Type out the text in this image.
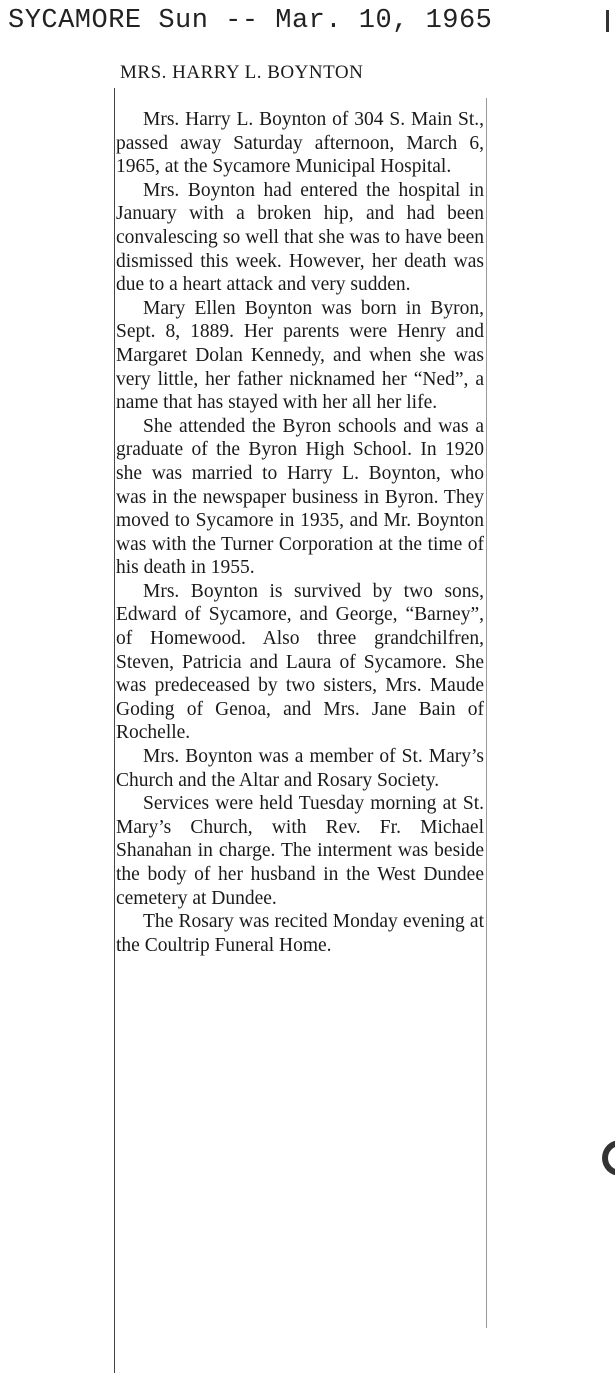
SYCAMORE Sun -- Mar. 10, 1965
MRS. HARRY L. BOYNTON

Mrs. Harry L. Boynton of 304 S. Main St., passed away Saturday afternoon, March 6, 1965, at the Sycamore Municipal Hospital.

Mrs. Boynton had entered the hospital in January with a broken hip, and had been convalescing so well that she was to have been dismissed this week. However, her death was due to a heart attack and very sudden.

Mary Ellen Boynton was born in Byron, Sept. 8, 1889. Her parents were Henry and Margaret Dolan Kennedy, and when she was very little, her father nicknamed her “Ned”, a name that has stayed with her all her life.

She attended the Byron schools and was a graduate of the Byron High School. In 1920 she was married to Harry L. Boynton, who was in the newspaper business in Byron. They moved to Sycamore in 1935, and Mr. Boynton was with the Turner Corporation at the time of his death in 1955.

Mrs. Boynton is survived by two sons, Edward of Sycamore, and George, “Barney”, of Homewood. Also three grandchilfren, Steven, Patricia and Laura of Sycamore. She was predeceased by two sisters, Mrs. Maude Goding of Genoa, and Mrs. Jane Bain of Rochelle.

Mrs. Boynton was a member of St. Mary’s Church and the Altar and Rosary Society.

Services were held Tuesday morning at St. Mary’s Church, with Rev. Fr. Michael Shanahan in charge. The interment was beside the body of her husband in the West Dundee cemetery at Dundee.

The Rosary was recited Monday evening at the Coultrip Funeral Home.
